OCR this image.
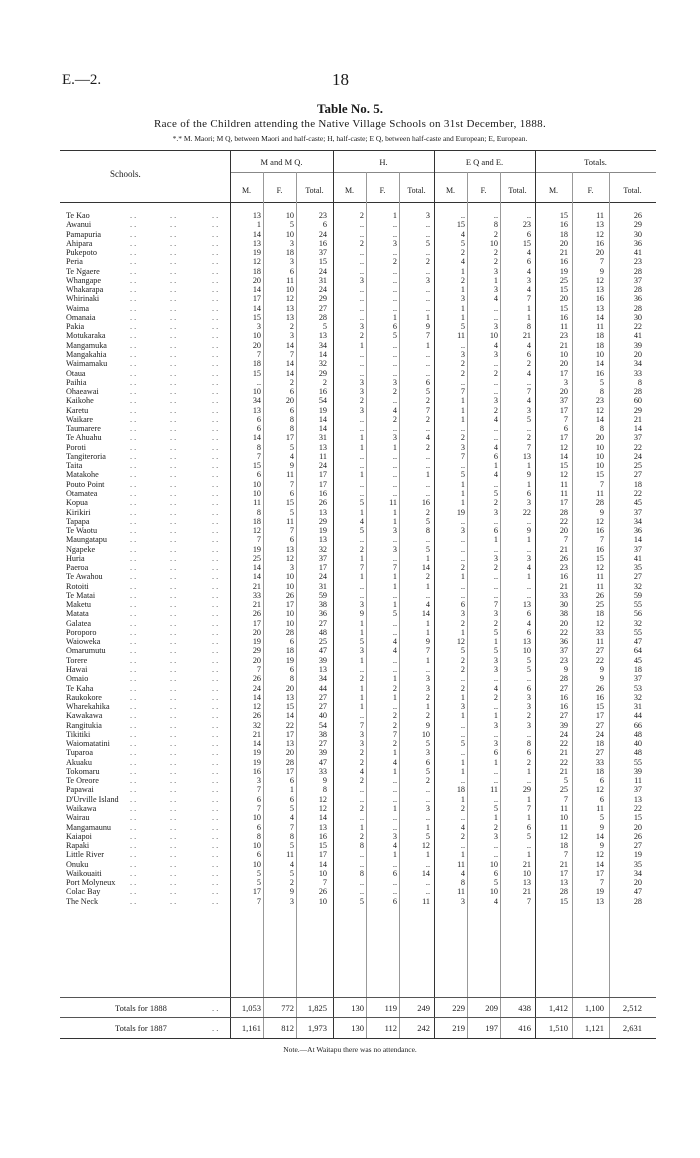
E.—2.	18
Table No. 5.
Race of the Children attending the Native Village Schools on 31st December, 1888.
*.* M. Maori; M Q, between Maori and half-caste; H, half-caste; E Q, between half-caste and European; E, European.
Schools.
M and M Q.	H.	E Q and E.	Totals.
M.	F.	Total.	M.	F.	Total.	M.	F.	Total.	M.	F.	Total.
Te Kao	. .	. .	. .	13	10	23	2	1	3	..	..	..	15	11	26
Awanui	. .	. .	. .	1	5	6	..	..	..	15	8	23	16	13	29
Pamapuria	. .	. .	. .	14	10	24	..	..	..	4	2	6	18	12	30
Ahipara	. .	. .	. .	13	3	16	2	3	5	5	10	15	20	16	36
Pukepoto	. .	. .	. .	19	18	37	..	..	..	2	2	4	21	20	41
Peria	. .	. .	. .	12	3	15	..	2	2	4	2	6	16	7	23
Te Ngaere	. .	. .	. .	18	6	24	..	..	..	1	3	4	19	9	28
Whangape	. .	. .	. .	20	11	31	3	..	3	2	1	3	25	12	37
Whakarapa	. .	. .	. .	14	10	24	..	..	..	1	3	4	15	13	28
Whirinaki	. .	. .	. .	17	12	29	..	..	..	3	4	7	20	16	36
Waima	. .	. .	. .	14	13	27	..	..	..	1	..	1	15	13	28
Omanaia	. .	. .	. .	15	13	28	..	1	1	1	..	1	16	14	30
Pakia	. .	. .	. .	3	2	5	3	6	9	5	3	8	11	11	22
Motukaraka	. .	. .	. .	10	3	13	2	5	7	11	10	21	23	18	41
Mangamuka	. .	. .	. .	20	14	34	1	..	1	..	4	4	21	18	39
Mangakahia	. .	. .	. .	7	7	14	..	..	..	3	3	6	10	10	20
Waimamaku	. .	. .	. .	18	14	32	..	..	..	2	..	2	20	14	34
Otaua	. .	. .	. .	15	14	29	..	..	..	2	2	4	17	16	33
Paihia	. .	. .	. .	..	2	2	3	3	6	..	..	..	3	5	8
Ohaeawai	. .	. .	. .	10	6	16	3	2	5	7	..	7	20	8	28
Kaikohe	. .	. .	. .	34	20	54	2	..	2	1	3	4	37	23	60
Karetu	. .	. .	. .	13	6	19	3	4	7	1	2	3	17	12	29
Waikare	. .	. .	. .	6	8	14	..	2	2	1	4	5	7	14	21
Taumarere	. .	. .	. .	6	8	14	..	..	..	..	..	..	6	8	14
Te Ahuahu	. .	. .	. .	14	17	31	1	3	4	2	..	2	17	20	37
Poroti	. .	. .	. .	8	5	13	1	1	2	3	4	7	12	10	22
Tangiteroria	. .	. .	. .	7	4	11	..	..	..	7	6	13	14	10	24
Taita	. .	. .	. .	15	9	24	..	..	..	..	1	1	15	10	25
Matakohe	. .	. .	. .	6	11	17	1	..	1	5	4	9	12	15	27
Pouto Point	. .	. .	. .	10	7	17	..	..	..	1	..	1	11	7	18
Otamatea	. .	. .	. .	10	6	16	..	..	..	1	5	6	11	11	22
Kopua	. .	. .	. .	11	15	26	5	11	16	1	2	3	17	28	45
Kirikiri	. .	. .	. .	8	5	13	1	1	2	19	3	22	28	9	37
Tapapa	. .	. .	. .	18	11	29	4	1	5	..	..	..	22	12	34
Te Waotu	. .	. .	. .	12	7	19	5	3	8	3	6	9	20	16	36
Maungatapu	. .	. .	. .	7	6	13	..	..	..	..	1	1	7	7	14
Ngapeke	. .	. .	. .	19	13	32	2	3	5	..	..	..	21	16	37
Huria	. .	. .	. .	25	12	37	1	..	1	..	3	3	26	15	41
Paeroa	. .	. .	. .	14	3	17	7	7	14	2	2	4	23	12	35
Te Awahou	. .	. .	. .	14	10	24	1	1	2	1	..	1	16	11	27
Rotoiti	. .	. .	. .	21	10	31	..	1	1	..	..	..	21	11	32
Te Matai	. .	. .	. .	33	26	59	..	..	..	..	..	..	33	26	59
Maketu	. .	. .	. .	21	17	38	3	1	4	6	7	13	30	25	55
Matata	. .	. .	. .	26	10	36	9	5	14	3	3	6	38	18	56
Galatea	. .	. .	. .	17	10	27	1	..	1	2	2	4	20	12	32
Poroporo	. .	. .	. .	20	28	48	1	..	1	1	5	6	22	33	55
Waioweka	. .	. .	. .	19	6	25	5	4	9	12	1	13	36	11	47
Omarumutu	. .	. .	. .	29	18	47	3	4	7	5	5	10	37	27	64
Torere	. .	. .	. .	20	19	39	1	..	1	2	3	5	23	22	45
Hawai	. .	. .	. .	7	6	13	..	..	..	2	3	5	9	9	18
Omaio	. .	. .	. .	26	8	34	2	1	3	..	..	..	28	9	37
Te Kaha	. .	. .	. .	24	20	44	1	2	3	2	4	6	27	26	53
Raukokore	. .	. .	. .	14	13	27	1	1	2	1	2	3	16	16	32
Wharekahika . .	. .	. .	12	15	27	1	..	1	3	..	3	16	15	31
Kawakawa	. .	. .	. .	26	14	40	..	2	2	1	1	2	27	17	44
Rangitukia	. .	. .	. .	32	22	54	7	2	9	..	3	3	39	27	66
Tikitiki	. .	. .	. .	21	17	38	3	7	10	..	..	..	24	24	48
Waiomatatini . .	. .	. .	14	13	27	3	2	5	5	3	8	22	18	40
Tuparoa	. .	. .	. .	19	20	39	2	1	3	..	6	6	21	27	48
Akuaku	. .	. .	. .	19	28	47	2	4	6	1	1	2	22	33	55
Tokomaru	. .	. .	. .	16	17	33	4	1	5	1	..	1	21	18	39
Te Oreore	. .	. .	. .	3	6	9	2	..	2	..	..	..	5	6	11
Papawai	. .	. .	. .	7	1	8	..	..	..	18	11	29	25	12	37
D'Urville Island . .	. .	. .	6	6	12	..	..	..	1	..	1	7	6	13
Waikawa	. .	. .	. .	7	5	12	2	1	3	2	5	7	11	11	22
Wairau	. .	. .	. .	10	4	14	..	..	..	..	1	1	10	5	15
Mangamaunu . .	. .	. .	6	7	13	1	..	1	4	2	6	11	9	20
Kaiapoi	. .	. .	. .	8	8	16	2	3	5	2	3	5	12	14	26
Rapaki	. .	. .	. .	10	5	15	8	4	12	..	..	..	18	9	27
Little River	. .	. .	. .	6	11	17	..	1	1	1	..	1	7	12	19
Onuku	. .	. .	. .	10	4	14	..	..	..	11	10	21	21	14	35
Waikouaiti	. .	. .	. .	5	5	10	8	6	14	4	6	10	17	17	34
Port Molyneux . .	. .	. .	5	2	7	..	..	..	8	5	13	13	7	20
Colac Bay	. .	. .	. .	17	9	26	..	..	..	11	10	21	28	19	47
The Neck	. .	. .	. .	7	3	10	5	6	11	3	4	7	15	13	28
Totals for 1888	. .	1,053	772	1,825	130	119	249	229	209	438	1,412	1,100	2,512
Totals for 1887	. .	1,161	812	1,973	130	112	242	219	197	416	1,510	1,121	2,631
Note.—At Waitapu there was no attendance.
